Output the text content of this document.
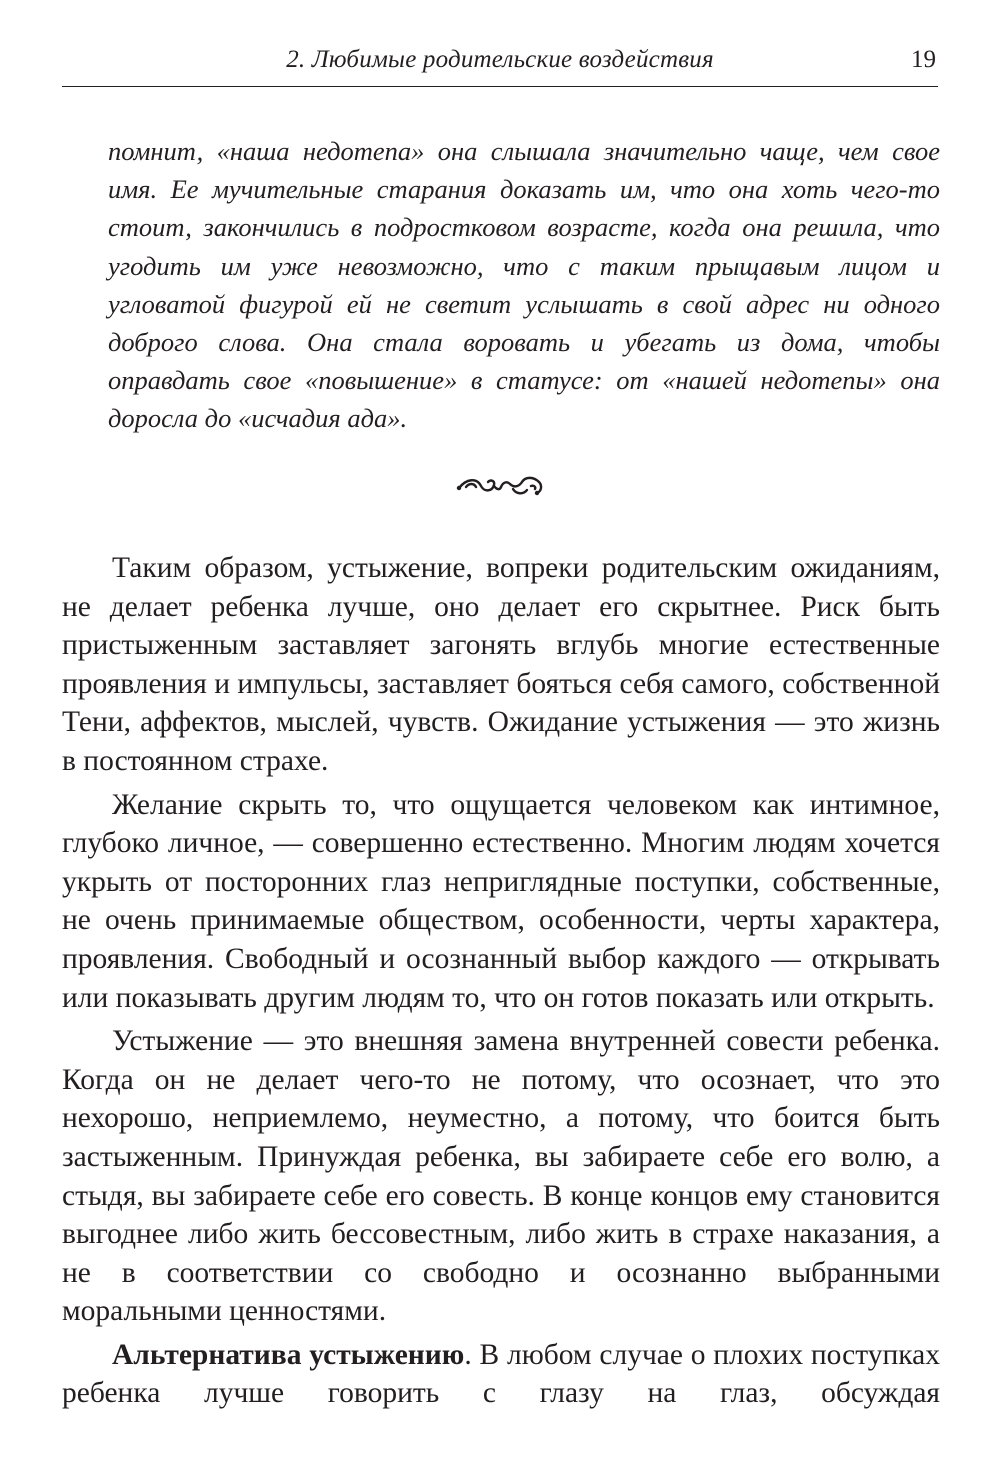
2. Любимые родительские воздействия	19

помнит, «наша недотепа» она слышала значительно чаще, чем свое имя. Ее мучительные старания доказать им, что она хоть чего-то стоит, закончились в подростковом возрасте, когда она решила, что угодить им уже невозможно, что с таким прыщавым лицом и угловатой фигурой ей не светит услышать в свой адрес ни одного доброго слова. Она стала воровать и убегать из дома, чтобы оправдать свое «повышение» в статусе: от «нашей недотепы» она доросла до «исчадия ада».

Таким образом, устыжение, вопреки родительским ожиданиям, не делает ребенка лучше, оно делает его скрытнее. Риск быть пристыженным заставляет загонять вглубь многие естественные проявления и импульсы, заставляет бояться себя самого, собственной Тени, аффектов, мыслей, чувств. Ожидание устыжения — это жизнь в постоянном страхе.

Желание скрыть то, что ощущается человеком как интимное, глубоко личное, — совершенно естественно. Многим людям хочется укрыть от посторонних глаз неприглядные поступки, собственные, не очень принимаемые обществом, особенности, черты характера, проявления. Свободный и осознанный выбор каждого — открывать или показывать другим людям то, что он готов показать или открыть.

Устыжение — это внешняя замена внутренней совести ребенка. Когда он не делает чего-то не потому, что осознает, что это нехорошо, неприемлемо, неуместно, а потому, что боится быть застыженным. Принуждая ребенка, вы забираете себе его волю, а стыдя, вы забираете себе его совесть. В конце концов ему становится выгоднее либо жить бессовестным, либо жить в страхе наказания, а не в соответствии со свободно и осознанно выбранными моральными ценностями.

Альтернатива устыжению. В любом случае о плохих поступках ребенка лучше говорить с глазу на глаз, обсуждая
